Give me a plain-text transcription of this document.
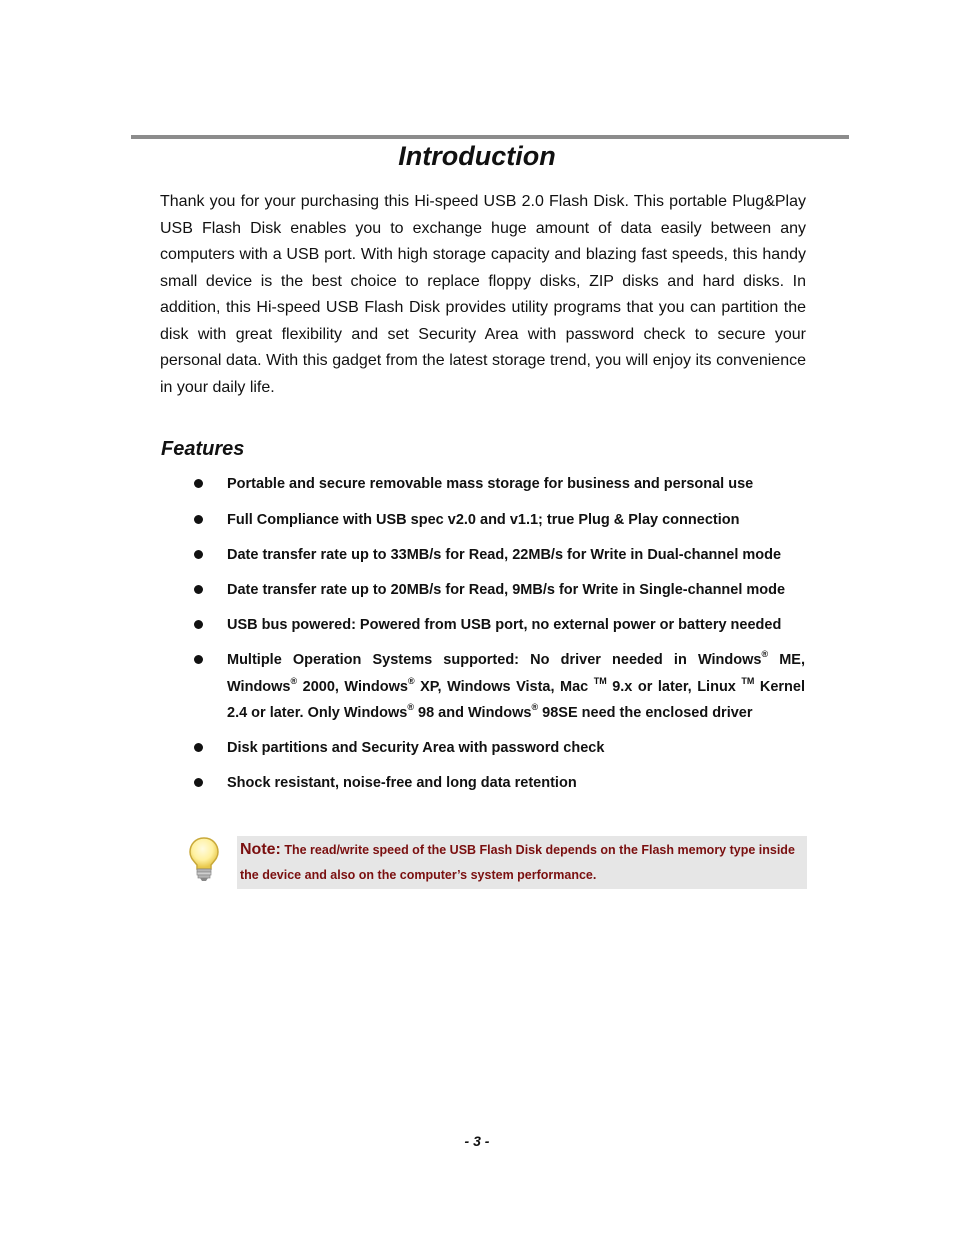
Introduction

Thank you for your purchasing this Hi-speed USB 2.0 Flash Disk. This portable Plug&Play USB Flash Disk enables you to exchange huge amount of data easily between any computers with a USB port. With high storage capacity and blazing fast speeds, this handy small device is the best choice to replace floppy disks, ZIP disks and hard disks. In addition, this Hi-speed USB Flash Disk provides utility programs that you can partition the disk with great flexibility and set Security Area with password check to secure your personal data. With this gadget from the latest storage trend, you will enjoy its convenience in your daily life.

Features
Portable and secure removable mass storage for business and personal use
Full Compliance with USB spec v2.0 and v1.1; true Plug & Play connection
Date transfer rate up to 33MB/s for Read, 22MB/s for Write in Dual-channel mode
Date transfer rate up to 20MB/s for Read, 9MB/s for Write in Single-channel mode
USB bus powered: Powered from USB port, no external power or battery needed
Multiple Operation Systems supported: No driver needed in Windows® ME, Windows® 2000, Windows® XP, Windows Vista, Mac ™ 9.x or later, Linux ™ Kernel 2.4 or later. Only Windows® 98 and Windows® 98SE need the enclosed driver
Disk partitions and Security Area with password check
Shock resistant, noise-free and long data retention
Note: The read/write speed of the USB Flash Disk depends on the Flash memory type inside the device and also on the computer’s system performance.
- 3 -
